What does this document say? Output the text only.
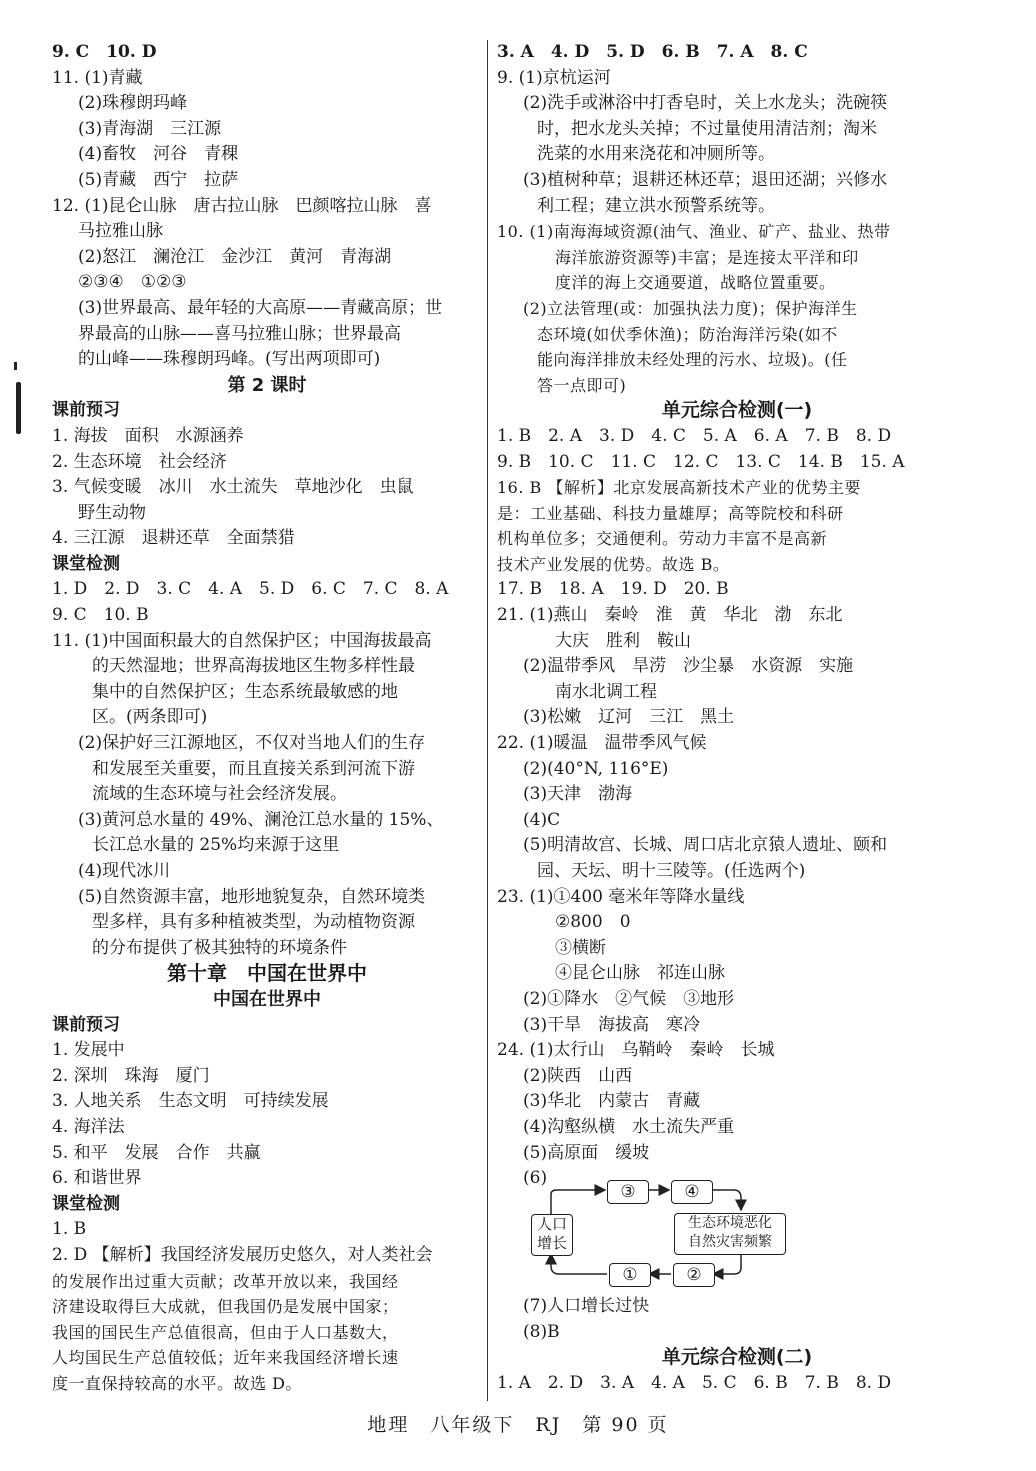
9. C　10. D
11. (1)青藏
(2)珠穆朗玛峰
(3)青海湖　三江源
(4)畜牧　河谷　青稞
(5)青藏　西宁　拉萨
12. (1)昆仑山脉　唐古拉山脉　巴颜喀拉山脉　喜
马拉雅山脉
(2)怒江　澜沧江　金沙江　黄河　青海湖
②③④　①②③
(3)世界最高、最年轻的大高原——青藏高原；世
界最高的山脉——喜马拉雅山脉；世界最高
的山峰——珠穆朗玛峰。(写出两项即可)
第 2 课时
课前预习
1. 海拔　面积　水源涵养
2. 生态环境　社会经济
3. 气候变暖　冰川　水土流失　草地沙化　虫鼠
野生动物
4. 三江源　退耕还草　全面禁猎
课堂检测
1. D　2. D　3. C　4. A　5. D　6. C　7. C　8. A
9. C　10. B
11. (1)中国面积最大的自然保护区；中国海拔最高
的天然湿地；世界高海拔地区生物多样性最
集中的自然保护区；生态系统最敏感的地
区。(两条即可)
(2)保护好三江源地区，不仅对当地人们的生存
和发展至关重要，而且直接关系到河流下游
流域的生态环境与社会经济发展。
(3)黄河总水量的 49%、澜沧江总水量的 15%、
长江总水量的 25%均来源于这里
(4)现代冰川
(5)自然资源丰富，地形地貌复杂，自然环境类
型多样，具有多种植被类型，为动植物资源
的分布提供了极其独特的环境条件
第十章　中国在世界中
中国在世界中
课前预习
1. 发展中
2. 深圳　珠海　厦门
3. 人地关系　生态文明　可持续发展
4. 海洋法
5. 和平　发展　合作　共赢
6. 和谐世界
课堂检测
1. B
2. D 【解析】我国经济发展历史悠久，对人类社会
的发展作出过重大贡献；改革开放以来，我国经
济建设取得巨大成就，但我国仍是发展中国家；
我国的国民生产总值很高，但由于人口基数大，
人均国民生产总值较低；近年来我国经济增长速
度一直保持较高的水平。故选 D。
3. A　4. D　5. D　6. B　7. A　8. C
9. (1)京杭运河
(2)洗手或淋浴中打香皂时，关上水龙头；洗碗筷
时，把水龙头关掉；不过量使用清洁剂；淘米
洗菜的水用来浇花和冲厕所等。
(3)植树种草；退耕还林还草；退田还湖；兴修水
利工程；建立洪水预警系统等。
10. (1)南海海域资源(油气、渔业、矿产、盐业、热带
海洋旅游资源等)丰富；是连接太平洋和印
度洋的海上交通要道，战略位置重要。
(2)立法管理(或：加强执法力度)；保护海洋生
态环境(如伏季休渔)；防治海洋污染(如不
能向海洋排放未经处理的污水、垃圾)。(任
答一点即可)
单元综合检测(一)
1. B　2. A　3. D　4. C　5. A　6. A　7. B　8. D
9. B　10. C　11. C　12. C　13. C　14. B　15. A
16. B 【解析】北京发展高新技术产业的优势主要
是：工业基础、科技力量雄厚；高等院校和科研
机构单位多；交通便利。劳动力丰富不是高新
技术产业发展的优势。故选 B。
17. B　18. A　19. D　20. B
21. (1)燕山　秦岭　淮　黄　华北　渤　东北
大庆　胜利　鞍山
(2)温带季风　旱涝　沙尘暴　水资源　实施
南水北调工程
(3)松嫩　辽河　三江　黑土
22. (1)暖温　温带季风气候
(2)(40°N, 116°E)
(3)天津　渤海
(4)C
(5)明清故宫、长城、周口店北京猿人遗址、颐和
园、天坛、明十三陵等。(任选两个)
23. (1)①400 毫米年等降水量线
②800　0
③横断
④昆仑山脉　祁连山脉
(2)①降水　②气候　③地形
(3)干旱　海拔高　寒冷
24. (1)太行山　乌鞘岭　秦岭　长城
(2)陕西　山西
(3)华北　内蒙古　青藏
(4)沟壑纵横　水土流失严重
(5)高原面　缓坡
(6)
(7)人口增长过快
(8)B
单元综合检测(二)
1. A　2. D　3. A　4. A　5. C　6. B　7. B　8. D
③	④
①	②
人口
增长
生态环境恶化
自然灾害频繁
地理　八年级下　RJ　第 90 页
